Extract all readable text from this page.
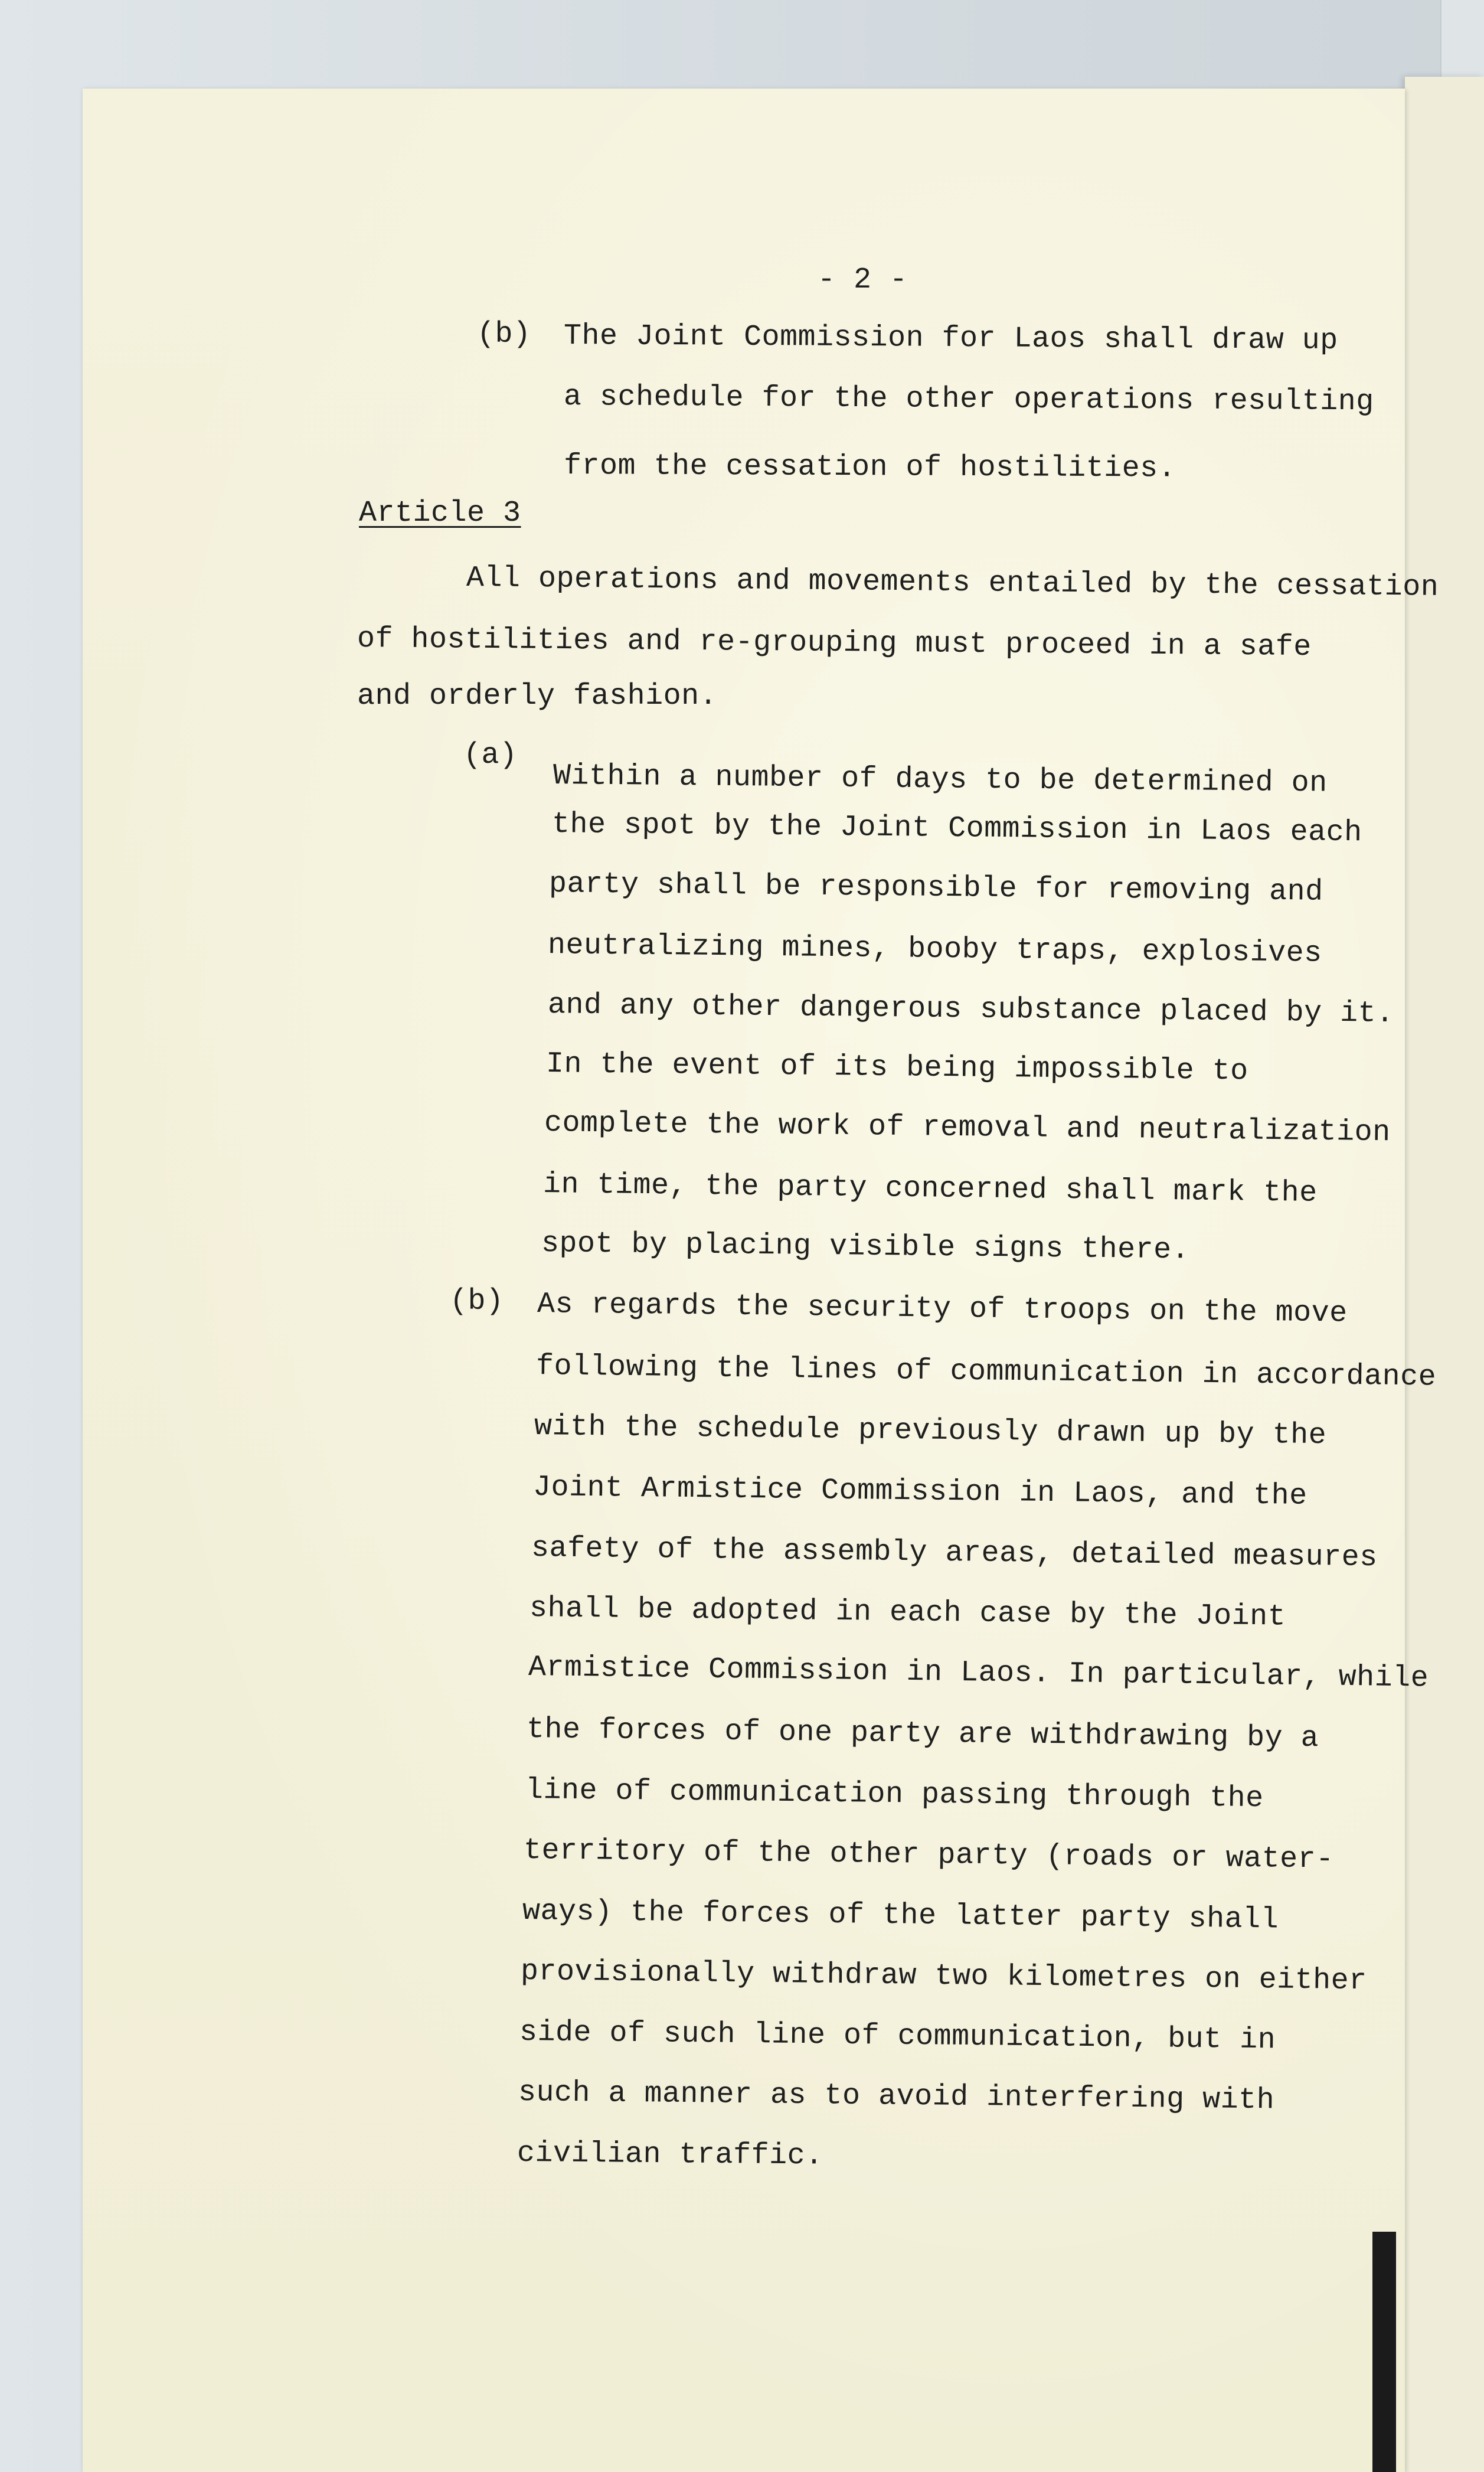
- 2 -
(b) The Joint Commission for Laos shall draw up
a schedule for the other operations resulting
from the cessation of hostilities.
Article 3
All operations and movements entailed by the cessation
of hostilities and re-grouping must proceed in a safe
and orderly fashion.
(a)
Within a number of days to be determined on
the spot by the Joint Commission in Laos each
party shall be responsible for removing and
neutralizing mines, booby traps, explosives
and any other dangerous substance placed by it.
In the event of its being impossible to
complete the work of removal and neutralization
in time, the party concerned shall mark the
spot by placing visible signs there.
(b) As regards the security of troops on the move
following the lines of communication in accordance
with the schedule previously drawn up by the
Joint Armistice Commission in Laos, and the
safety of the assembly areas, detailed measures
shall be adopted in each case by the Joint
Armistice Commission in Laos. In particular, while
the forces of one party are withdrawing by a
line of communication passing through the
territory of the other party (roads or water-
ways) the forces of the latter party shall
provisionally withdraw two kilometres on either
side of such line of communication, but in
such a manner as to avoid interfering with
civilian traffic.
